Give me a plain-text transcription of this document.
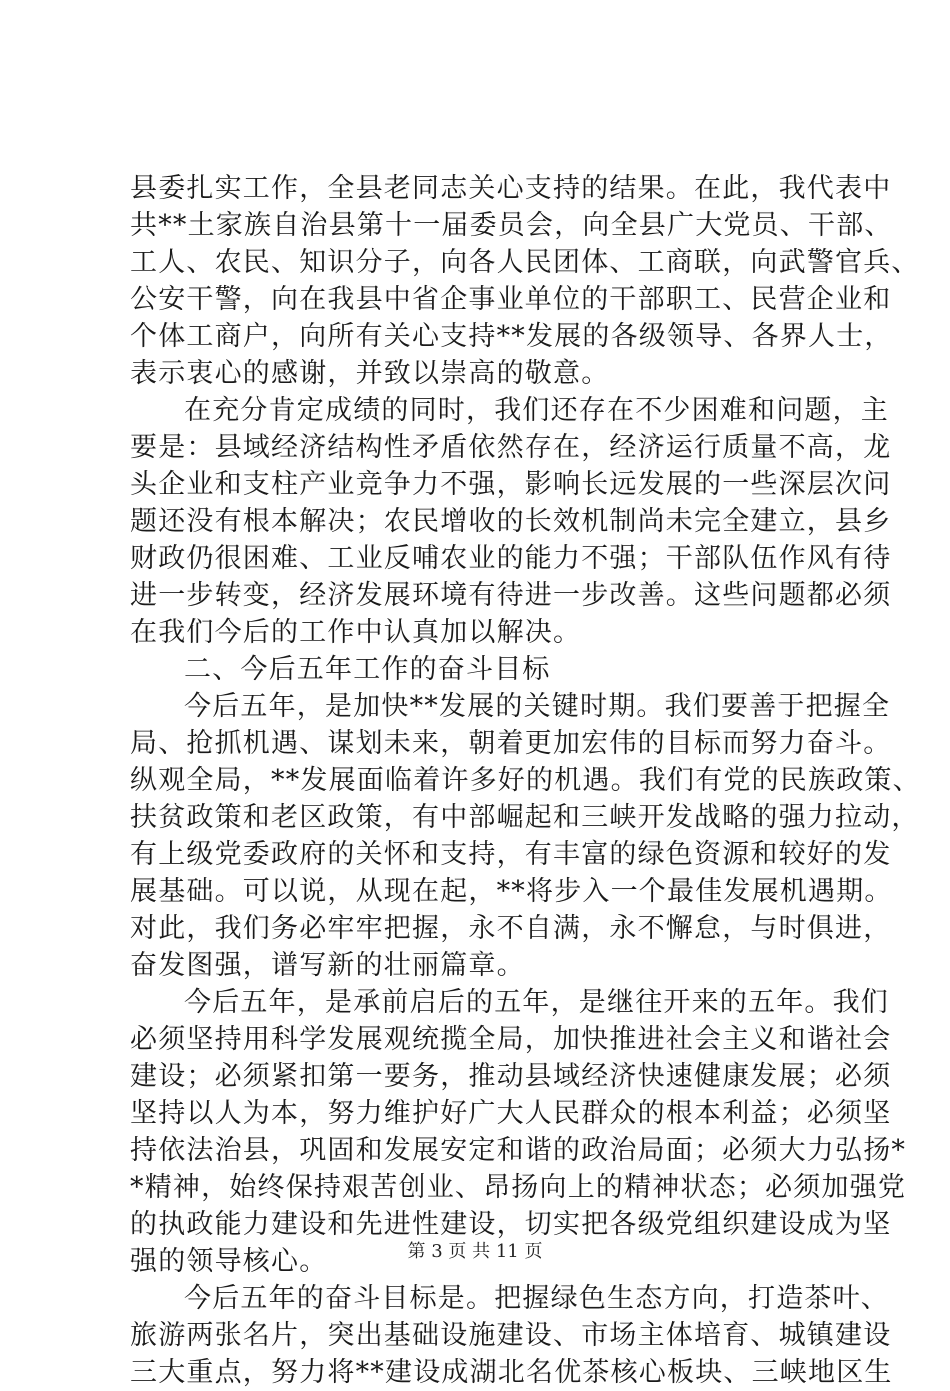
县委扎实工作，全县老同志关心支持的结果。在此，我代表中
共**土家族自治县第十一届委员会，向全县广大党员、干部、
工人、农民、知识分子，向各人民团体、工商联，向武警官兵、
公安干警，向在我县中省企事业单位的干部职工、民营企业和
个体工商户，向所有关心支持**发展的各级领导、各界人士，
表示衷心的感谢，并致以崇高的敬意。
在充分肯定成绩的同时，我们还存在不少困难和问题，主
要是：县域经济结构性矛盾依然存在，经济运行质量不高，龙
头企业和支柱产业竞争力不强，影响长远发展的一些深层次问
题还没有根本解决；农民增收的长效机制尚未完全建立，县乡
财政仍很困难、工业反哺农业的能力不强；干部队伍作风有待
进一步转变，经济发展环境有待进一步改善。这些问题都必须
在我们今后的工作中认真加以解决。
二、今后五年工作的奋斗目标
今后五年，是加快**发展的关键时期。我们要善于把握全
局、抢抓机遇、谋划未来，朝着更加宏伟的目标而努力奋斗。
纵观全局，**发展面临着许多好的机遇。我们有党的民族政策、
扶贫政策和老区政策，有中部崛起和三峡开发战略的强力拉动，
有上级党委政府的关怀和支持，有丰富的绿色资源和较好的发
展基础。可以说，从现在起，**将步入一个最佳发展机遇期。
对此，我们务必牢牢把握，永不自满，永不懈怠，与时俱进，
奋发图强，谱写新的壮丽篇章。
今后五年，是承前启后的五年，是继往开来的五年。我们
必须坚持用科学发展观统揽全局，加快推进社会主义和谐社会
建设；必须紧扣第一要务，推动县域经济快速健康发展；必须
坚持以人为本，努力维护好广大人民群众的根本利益；必须坚
持依法治县，巩固和发展安定和谐的政治局面；必须大力弘扬*
*精神，始终保持艰苦创业、昂扬向上的精神状态；必须加强党
的执政能力建设和先进性建设，切实把各级党组织建设成为坚
强的领导核心。
今后五年的奋斗目标是。把握绿色生态方向，打造茶叶、
旅游两张名片，突出基础设施建设、市场主体培育、城镇建设
三大重点，努力将**建设成湖北名优茶核心板块、三峡地区生
第 3 页 共 11 页
